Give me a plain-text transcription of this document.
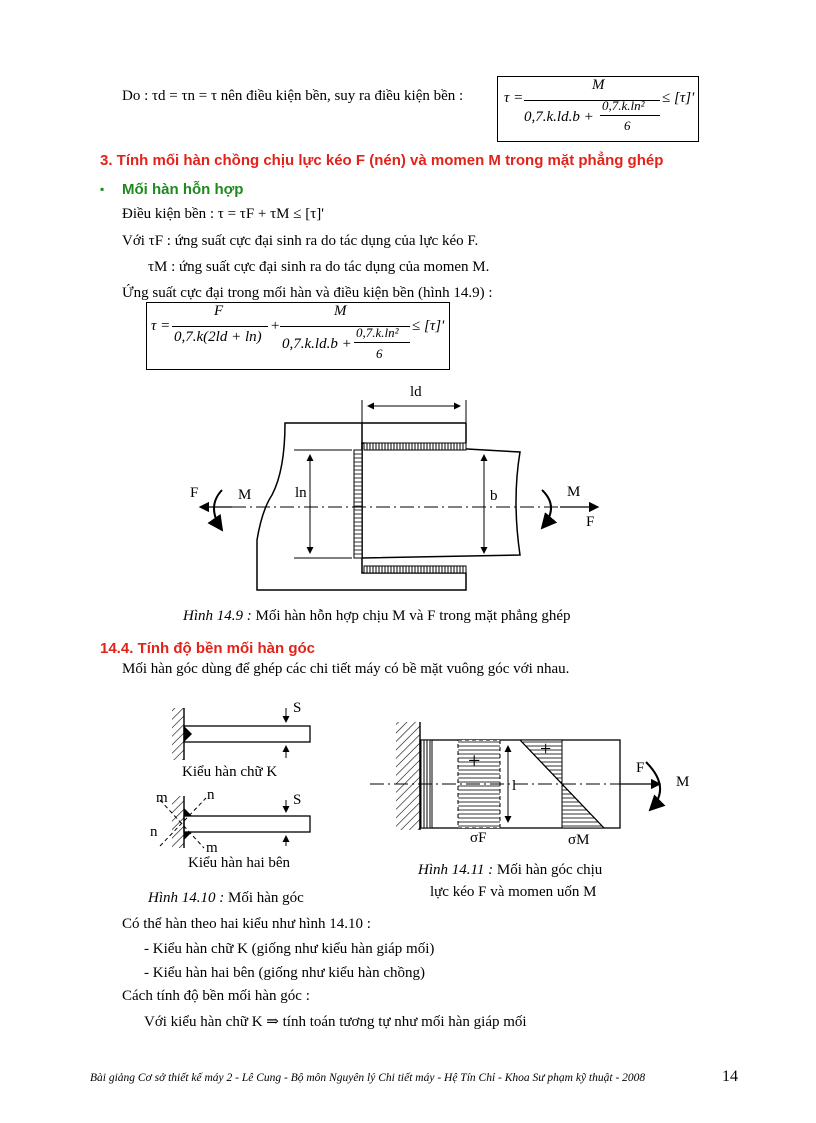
Do : τd = τn = τ nên điều kiện bền, suy ra điều kiện bền :	τ =
M
0,7.k.ld.b +
0,7.k.ln²
6
≤ [τ]'
3. Tính mối hàn chồng chịu lực kéo F (nén) và momen M trong mặt phẳng ghép
▪ Mối hàn hỗn hợp
Điều kiện bền : τ = τF + τM ≤ [τ]'
Với τF : ứng suất cực đại sinh ra do tác dụng của lực kéo F.
τM : ứng suất cực đại sinh ra do tác dụng của momen M.
Ứng suất cực đại trong mối hàn và điều kiện bền (hình 14.9) :
τ =
F
0,7.k(2ld + ln)
+
M
0,7.k.ld.b +
0,7.k.ln²
6
≤ [τ]'
ld
ln	b
F	M	M
F
Hình 14.9 : Mối hàn hỗn hợp chịu M và F trong mặt phẳng ghép
14.4. Tính độ bền mối hàn góc
Mối hàn góc dùng để ghép các chi tiết máy có bề mặt vuông góc với nhau.
S
Kiểu hàn chữ K
S
m	n
n
m
Kiểu hàn hai bên
Hình 14.10 : Mối hàn góc
+	+
l
F
M
σF	σM
Hình 14.11 : Mối hàn góc chịu
lực kéo F và momen uốn M
Có thể hàn theo hai kiểu như hình 14.10 :
- Kiểu hàn chữ K (giống như kiểu hàn giáp mối)
- Kiểu hàn hai bên (giống như kiểu hàn chồng)
Cách tính độ bền mối hàn góc :
Với kiểu hàn chữ K ⇒ tính toán tương tự như mối hàn giáp mối
Bài giảng Cơ sở thiết kế máy 2 - Lê Cung - Bộ môn Nguyên lý Chi tiết máy - Hệ Tín Chỉ - Khoa Sư phạm kỹ thuật - 2008	14
